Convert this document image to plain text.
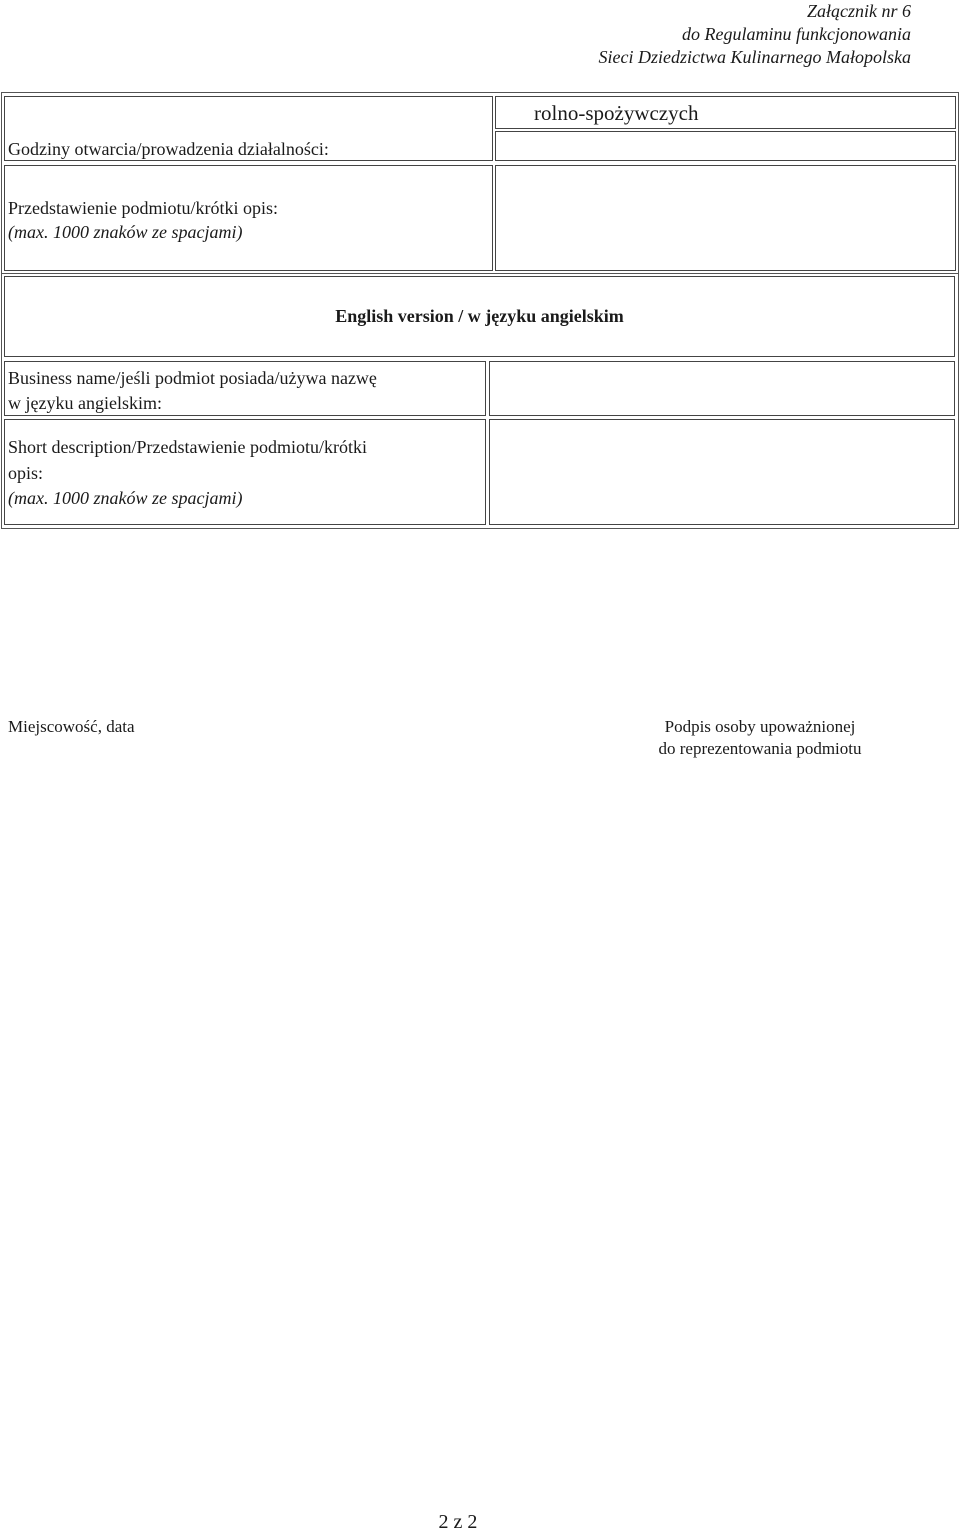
Załącznik nr 6
do Regulaminu funkcjonowania
Sieci Dziedzictwa Kulinarnego Małopolska
rolno-spożywczych
Godziny otwarcia/prowadzenia działalności:
Przedstawienie podmiotu/krótki opis:
(max. 1000 znaków ze spacjami)
English version / w języku angielskim
Business name/jeśli podmiot posiada/używa nazwę
w języku angielskim:
Short description/Przedstawienie podmiotu/krótki
opis:
(max. 1000 znaków ze spacjami)
Miejscowość, data	Podpis osoby upoważnionej
do reprezentowania podmiotu
2 z 2
